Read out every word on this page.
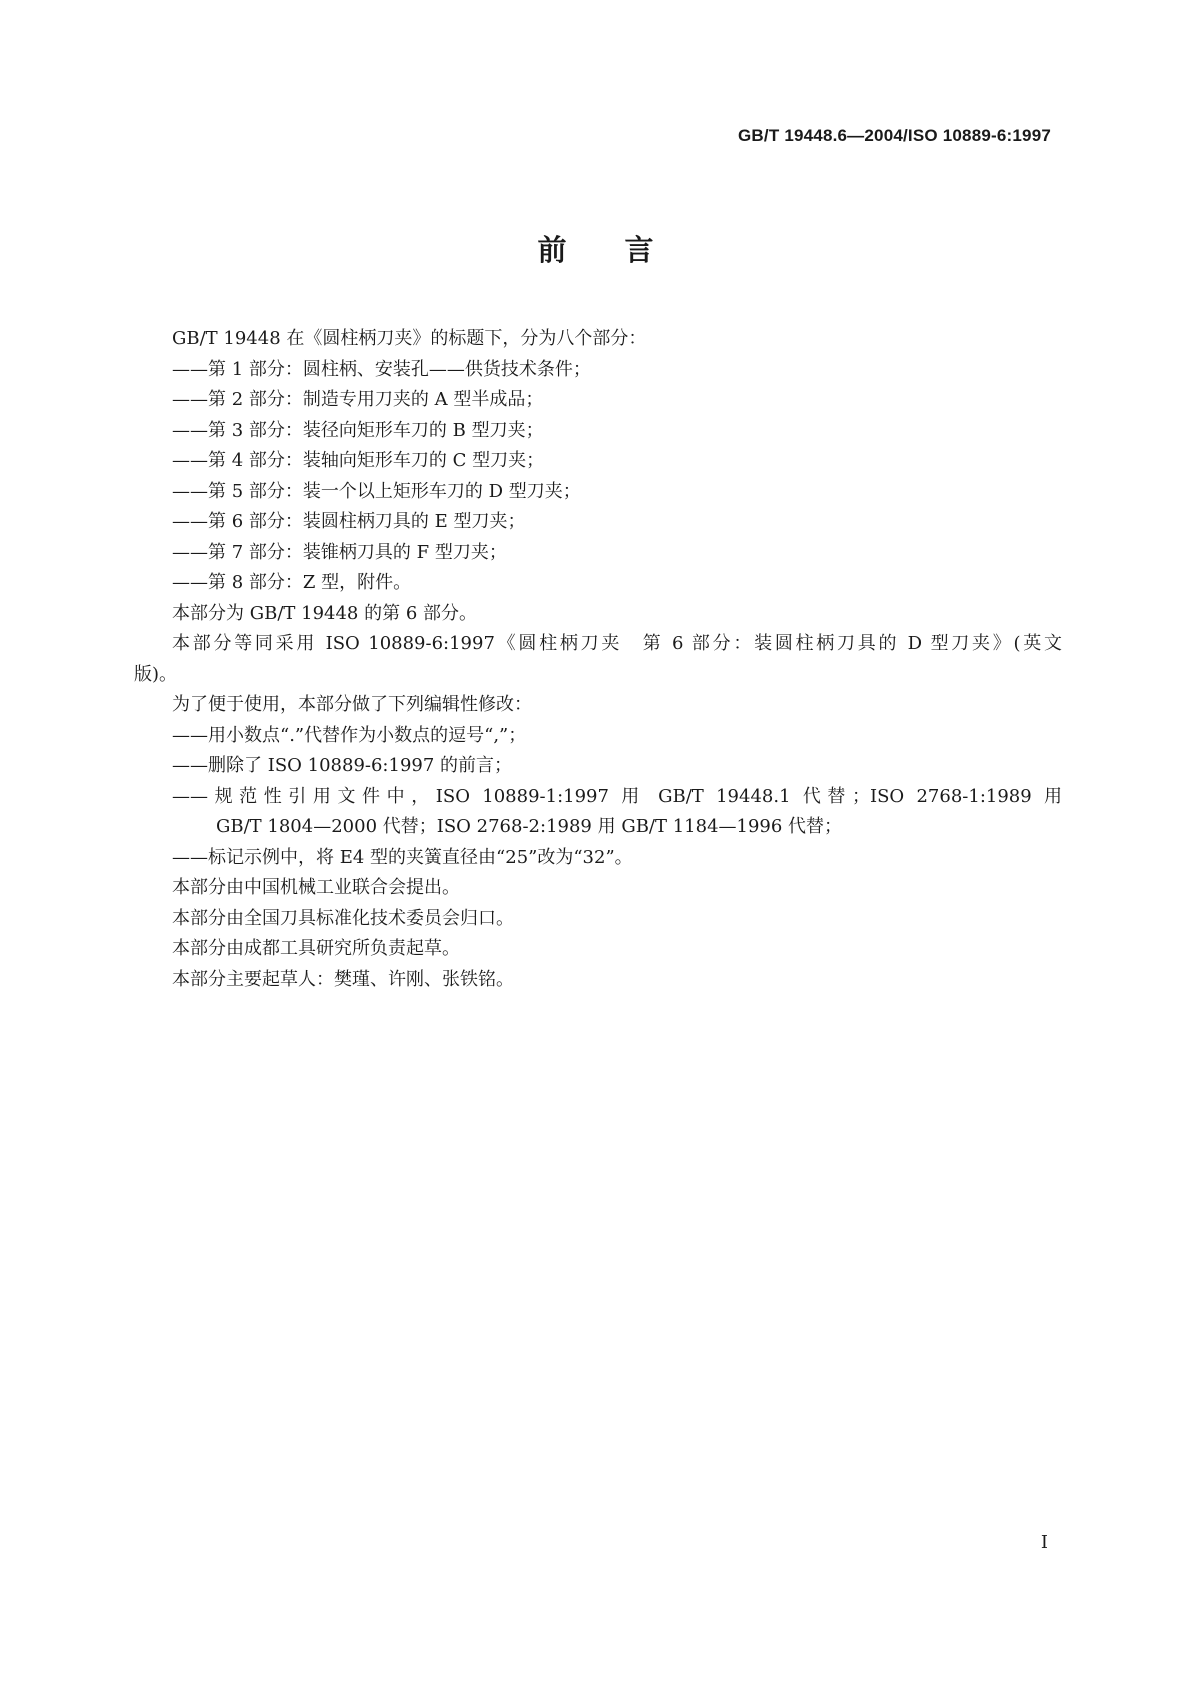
GB/T 19448.6—2004/ISO 10889-6:1997
前 言

GB/T 19448 在《圆柱柄刀夹》的标题下，分为八个部分：

——第 1 部分：圆柱柄、安装孔——供货技术条件；

——第 2 部分：制造专用刀夹的 A 型半成品；

——第 3 部分：装径向矩形车刀的 B 型刀夹；

——第 4 部分：装轴向矩形车刀的 C 型刀夹；

——第 5 部分：装一个以上矩形车刀的 D 型刀夹；

——第 6 部分：装圆柱柄刀具的 E 型刀夹；

——第 7 部分：装锥柄刀具的 F 型刀夹；

——第 8 部分：Z 型，附件。

本部分为 GB/T 19448 的第 6 部分。

本部分等同采用 ISO 10889-6:1997《圆柱柄刀夹　第 6 部分：装圆柱柄刀具的 D 型刀夹》(英文

版)。

为了便于使用，本部分做了下列编辑性修改：

——用小数点“.”代替作为小数点的逗号“,”；

——删除了 ISO 10889-6:1997 的前言；

——规范性引用文件中，ISO 10889-1:1997 用 GB/T 19448.1 代替；ISO 2768-1:1989 用

GB/T 1804—2000 代替；ISO 2768-2:1989 用 GB/T 1184—1996 代替；

——标记示例中，将 E4 型的夹簧直径由“25”改为“32”。

本部分由中国机械工业联合会提出。

本部分由全国刀具标准化技术委员会归口。

本部分由成都工具研究所负责起草。

本部分主要起草人：樊瑾、许刚、张铁铭。

I
